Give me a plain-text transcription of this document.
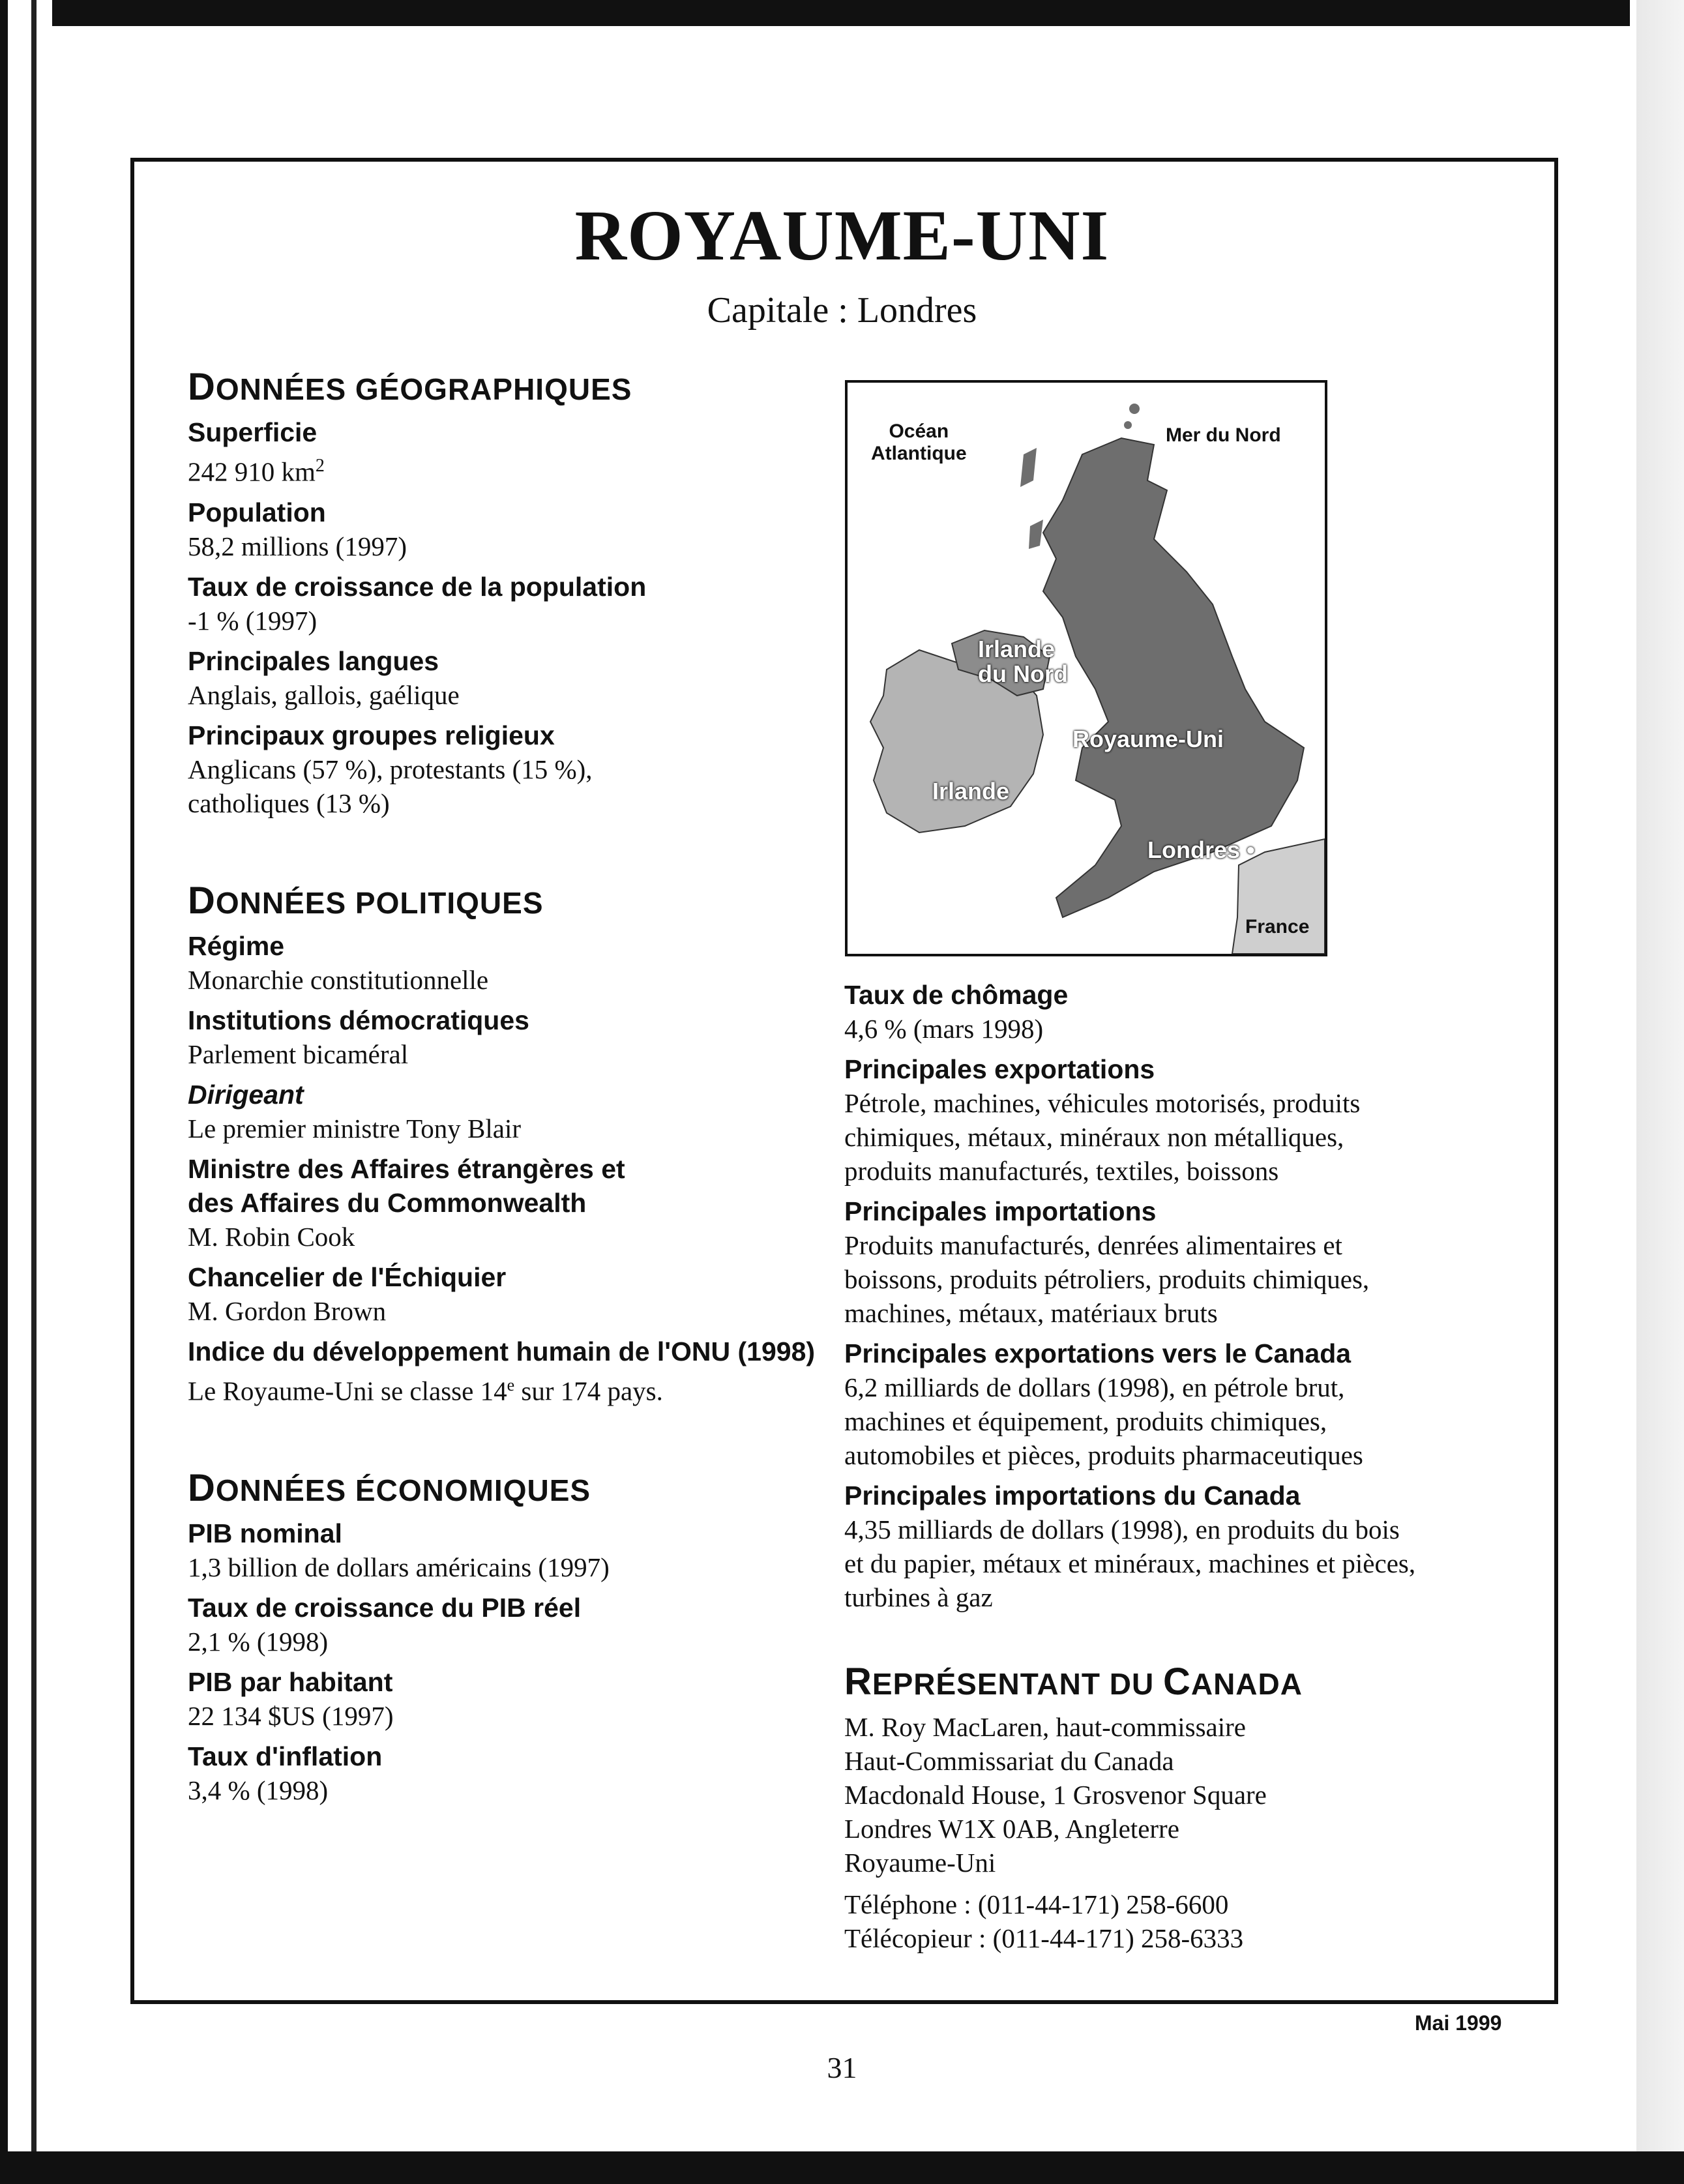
ROYAUME-UNI
Capitale : Londres
DONNÉES GÉOGRAPHIQUES
Superficie
242 910 $km^2$
Population
58,2 millions (1997)
Taux de croissance de la population
-1 % (1997)
Principales langues
Anglais, gallois, gaélique
Principaux groupes religieux
Anglicans (57 %), protestants (15 %),
catholiques (13 %)
DONNÉES POLITIQUES
Régime
Monarchie constitutionnelle
Institutions démocratiques
Parlement bicaméral
Dirigeant
Le premier ministre Tony Blair
Ministre des Affaires étrangères et
des Affaires du Commonwealth
M. Robin Cook
Chancelier de l'Échiquier
M. Gordon Brown
Indice du développement humain de l'ONU (1998)
Le Royaume-Uni se classe 14e sur 174 pays.
DONNÉES ÉCONOMIQUES
PIB nominal
1,3 billion de dollars américains (1997)
Taux de croissance du PIB réel
2,1 % (1998)
PIB par habitant
22 134 $US (1997)
Taux d'inflation
3,4 % (1998)
Océan
Atlantique
Mer du Nord
Irlande
du Nord
Royaume-Uni
Irlande
Londres •
France
Taux de chômage
4,6 % (mars 1998)
Principales exportations
Pétrole, machines, véhicules motorisés, produits
chimiques, métaux, minéraux non métalliques,
produits manufacturés, textiles, boissons
Principales importations
Produits manufacturés, denrées alimentaires et
boissons, produits pétroliers, produits chimiques,
machines, métaux, matériaux bruts
Principales exportations vers le Canada
6,2 milliards de dollars (1998), en pétrole brut,
machines et équipement, produits chimiques,
automobiles et pièces, produits pharmaceutiques
Principales importations du Canada
4,35 milliards de dollars (1998), en produits du bois
et du papier, métaux et minéraux, machines et pièces,
turbines à gaz
REPRÉSENTANT DU CANADA
M. Roy MacLaren, haut-commissaire
Haut-Commissariat du Canada
Macdonald House, 1 Grosvenor Square
Londres W1X 0AB, Angleterre
Royaume-Uni
Téléphone : (011-44-171) 258-6600
Télécopieur : (011-44-171) 258-6333
Mai 1999
31
